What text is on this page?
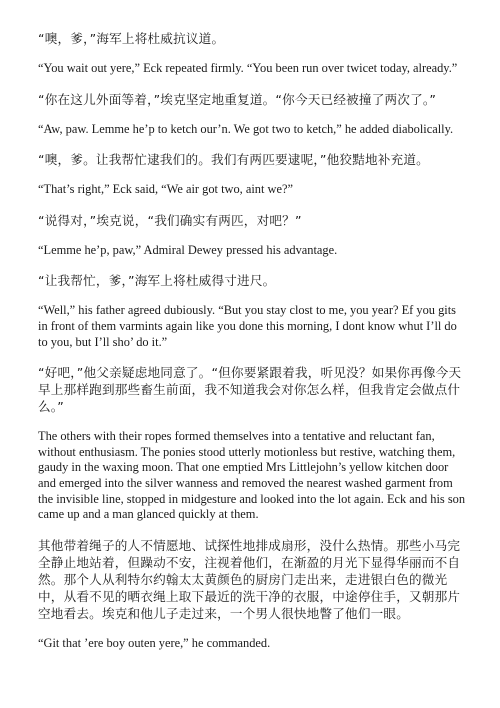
“噢，爹，”海军上将杜威抗议道。

“You wait out yere,” Eck repeated firmly. “You been run over twicet today, already.”

“你在这儿外面等着，”埃克坚定地重复道。“你今天已经被撞了两次了。”

“Aw, paw. Lemme he’p to ketch our’n. We got two to ketch,” he added diabolically.

“噢，爹。让我帮忙逮我们的。我们有两匹要逮呢，”他狡黠地补充道。

“That’s right,” Eck said, “We air got two, aint we?”

“说得对，”埃克说，“我们确实有两匹，对吧？”

“Lemme he’p, paw,” Admiral Dewey pressed his advantage.

“让我帮忙，爹，”海军上将杜威得寸进尺。

“Well,” his father agreed dubiously. “But you stay clost to me, you year? Ef you gits in front of them varmints again like you done this morning, I dont know whut I’ll do to you, but I’ll sho’ do it.”

“好吧，”他父亲疑虑地同意了。“但你要紧跟着我，听见没？如果你再像今天早上那样跑到那些畜生前面，我不知道我会对你怎么样，但我肯定会做点什么。”

The others with their ropes formed themselves into a tentative and reluctant fan, without enthusiasm. The ponies stood utterly motionless but restive, watching them, gaudy in the waxing moon. That one emptied Mrs Littlejohn’s yellow kitchen door and emerged into the silver wanness and removed the nearest washed garment from the invisible line, stopped in midgesture and looked into the lot again. Eck and his son came up and a man glanced quickly at them.

其他带着绳子的人不情愿地、试探性地排成扇形，没什么热情。那些小马完全静止地站着，但躁动不安，注视着他们，在渐盈的月光下显得华丽而不自然。那个人从利特尔约翰太太黄颜色的厨房门走出来，走进银白色的微光中，从看不见的晒衣绳上取下最近的洗干净的衣服，中途停住手，又朝那片空地看去。埃克和他儿子走过来，一个男人很快地瞥了他们一眼。

“Git that ’ere boy outen yere,” he commanded.
